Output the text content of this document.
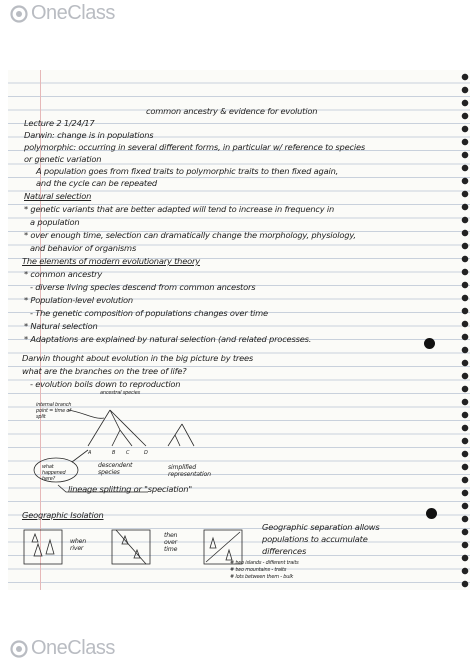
OneClass
common ancestry & evidence for evolution
Lecture 2 1/24/17
Darwin: change is in populations
polymorphic: occurring in several different forms, in particular w/ reference to species
or genetic variation
A population goes from fixed traits to polymorphic traits to then fixed again,
and the cycle can be repeated
Natural selection
* genetic variants that are better adapted will tend to increase in frequency in
a population
* over enough time, selection can dramatically change the morphology, physiology,
and behavior of organisms
The elements of modern evolutionary theory
* common ancestry
- diverse living species descend from common ancestors
* Population-level evolution
- The genetic composition of populations changes over time
* Natural selection
* Adaptations are explained by natural selection (and related processes.
Darwin thought about evolution in the big picture by trees
what are the branches on the tree of life?
- evolution boils down to reproduction
ancestral species
internal branch point = time of split
what happened here?
A	B C	D
descendent species
simplified representation
lineage splitting or "speciation"
Geographic Isolation
when river
then over time
Geographic separation allows
populations to accumulate
differences
# two islands - different traits
# two mountains - traits
# lots between them - bulk
OneClass
